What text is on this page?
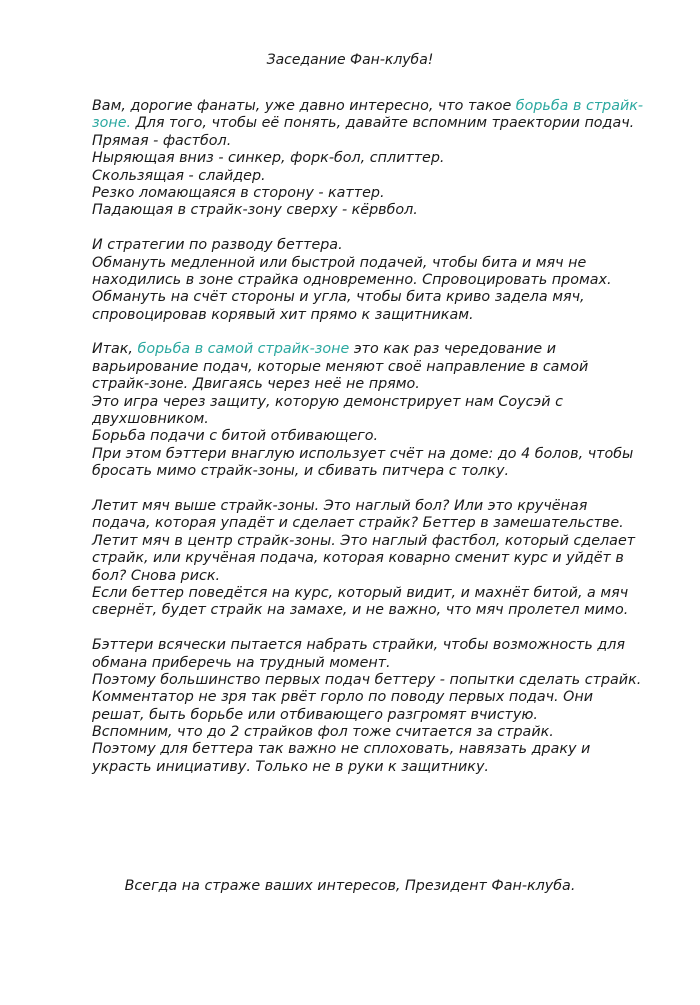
Заседание Фан-клуба!
Вам, дорогие фанаты, уже давно интересно, что такое борьба в страйк-
зоне. Для того, чтобы её понять, давайте вспомним траектории подач.
Прямая - фастбол.
Ныряющая вниз - синкер, форк-бол, сплиттер.
Скользящая - слайдер.
Резко ломающаяся в сторону - каттер.
Падающая в страйк-зону сверху - кёрвбол.
И стратегии по разводу беттера.
Обмануть медленной или быстрой подачей, чтобы бита и мяч не
находились в зоне страйка одновременно. Спровоцировать промах.
Обмануть на счёт стороны и угла, чтобы бита криво задела мяч,
спровоцировав корявый хит прямо к защитникам.
Итак, борьба в самой страйк-зоне это как раз чередование и
варьирование подач, которые меняют своё направление в самой
страйк-зоне. Двигаясь через неё не прямо.
Это игра через защиту, которую демонстрирует нам Соусэй с
двухшовником.
Борьба подачи с битой отбивающего.
При этом бэттери внаглую использует счёт на доме: до 4 болов, чтобы
бросать мимо страйк-зоны, и сбивать питчера с толку.
Летит мяч выше страйк-зоны. Это наглый бол? Или это кручёная
подача, которая упадёт и сделает страйк? Беттер в замешательстве.
Летит мяч в центр страйк-зоны. Это наглый фастбол, который сделает
страйк, или кручёная подача, которая коварно сменит курс и уйдёт в
бол? Снова риск.
Если беттер поведётся на курс, который видит, и махнёт битой, а мяч
свернёт, будет страйк на замахе, и не важно, что мяч пролетел мимо.
Бэттери всячески пытается набрать страйки, чтобы возможность для
обмана приберечь на трудный момент.
Поэтому большинство первых подач беттеру - попытки сделать страйк.
Комментатор не зря так рвёт горло по поводу первых подач. Они
решат, быть борьбе или отбивающего разгромят вчистую.
Вспомним, что до 2 страйков фол тоже считается за страйк.
Поэтому для беттера так важно не сплоховать, навязать драку и
украсть инициативу. Только не в руки к защитнику.

Всегда на страже ваших интересов, Президент Фан-клуба.
